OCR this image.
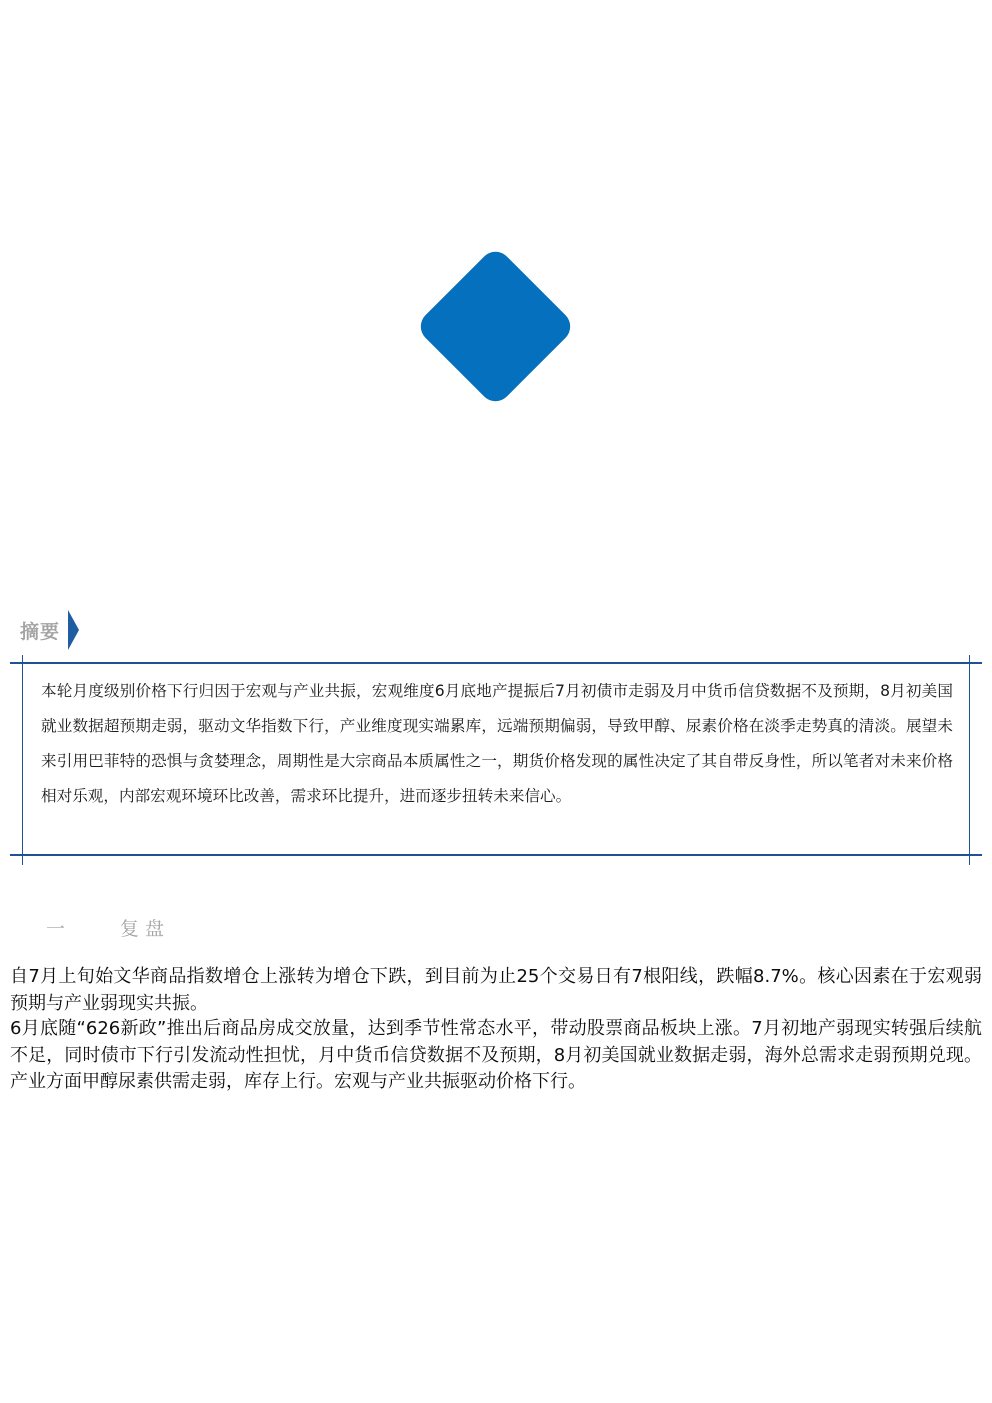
摘要
本轮月度级别价格下行归因于宏观与产业共振，宏观维度6月底地产提振后7月初债市走弱及月中货币信贷数据不及预期，8月初美国就业数据超预期走弱，驱动文华指数下行，产业维度现实端累库，远端预期偏弱，导致甲醇、尿素价格在淡季走势真的清淡。展望未来引用巴菲特的恐惧与贪婪理念，周期性是大宗商品本质属性之一，期货价格发现的属性决定了其自带反身性，所以笔者对未来价格相对乐观，内部宏观环境环比改善，需求环比提升，进而逐步扭转未来信心。
一	复盘
自7月上旬始文华商品指数增仓上涨转为增仓下跌，到目前为止25个交易日有7根阳线，跌幅8.7%。核心因素在于宏观弱预期与产业弱现实共振。
6月底随“626新政”推出后商品房成交放量，达到季节性常态水平，带动股票商品板块上涨。7月初地产弱现实转强后续航不足，同时债市下行引发流动性担忧，月中货币信贷数据不及预期，8月初美国就业数据走弱，海外总需求走弱预期兑现。产业方面甲醇尿素供需走弱，库存上行。宏观与产业共振驱动价格下行。
